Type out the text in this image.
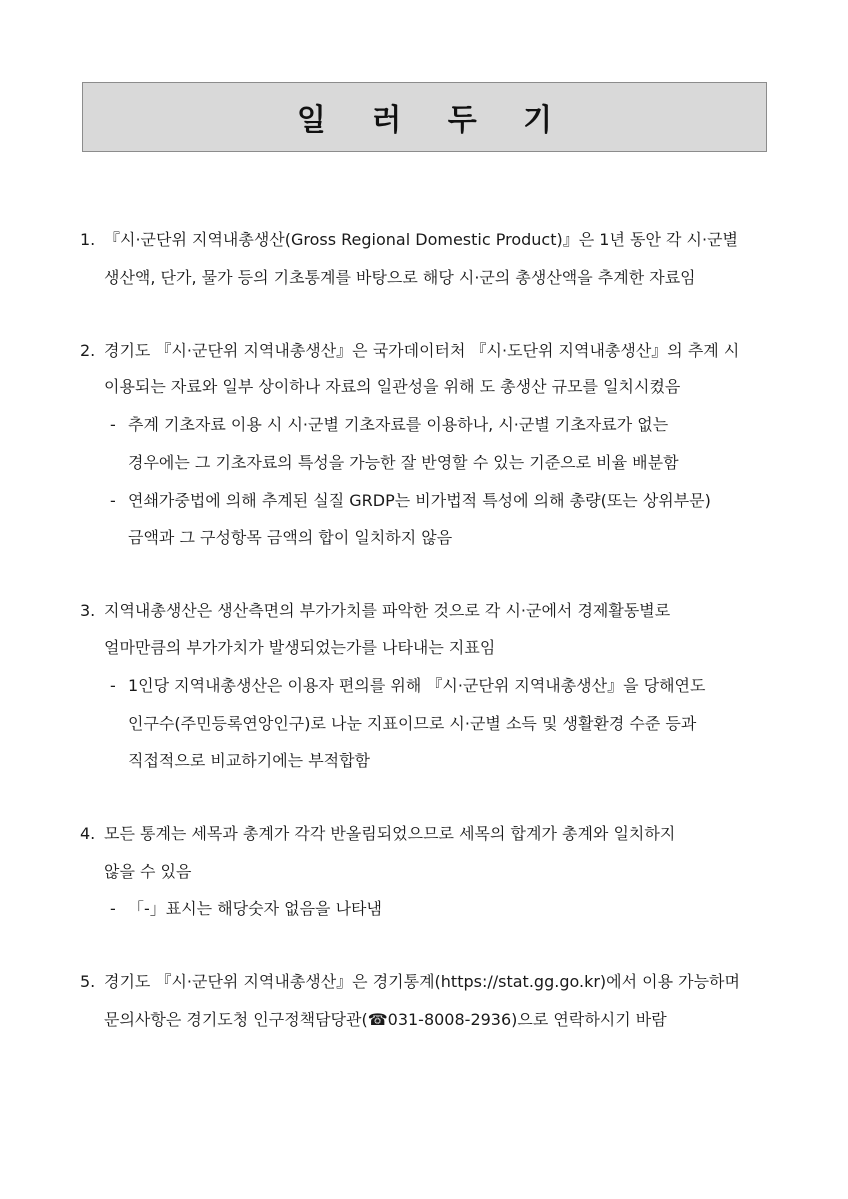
일 러 두 기
1. 『시·군단위 지역내총생산(Gross Regional Domestic Product)』은 1년 동안 각 시·군별
생산액, 단가, 물가 등의 기초통계를 바탕으로 해당 시·군의 총생산액을 추계한 자료임
2. 경기도 『시·군단위 지역내총생산』은 국가데이터처 『시·도단위 지역내총생산』의 추계 시
이용되는 자료와 일부 상이하나 자료의 일관성을 위해 도 총생산 규모를 일치시켰음
- 추계 기초자료 이용 시 시·군별 기초자료를 이용하나, 시·군별 기초자료가 없는
경우에는 그 기초자료의 특성을 가능한 잘 반영할 수 있는 기준으로 비율 배분함
- 연쇄가중법에 의해 추계된 실질 GRDP는 비가법적 특성에 의해 총량(또는 상위부문)
금액과 그 구성항목 금액의 합이 일치하지 않음
3. 지역내총생산은 생산측면의 부가가치를 파악한 것으로 각 시·군에서 경제활동별로
얼마만큼의 부가가치가 발생되었는가를 나타내는 지표임
- 1인당 지역내총생산은 이용자 편의를 위해 『시·군단위 지역내총생산』을 당해연도
인구수(주민등록연앙인구)로 나눈 지표이므로 시·군별 소득 및 생활환경 수준 등과
직접적으로 비교하기에는 부적합함
4. 모든 통계는 세목과 총계가 각각 반올림되었으므로 세목의 합계가 총계와 일치하지
않을 수 있음
- 「-」표시는 해당숫자 없음을 나타냄
5. 경기도 『시·군단위 지역내총생산』은 경기통계(https://stat.gg.go.kr)에서 이용 가능하며
문의사항은 경기도청 인구정책담당관(☎031-8008-2936)으로 연락하시기 바람
